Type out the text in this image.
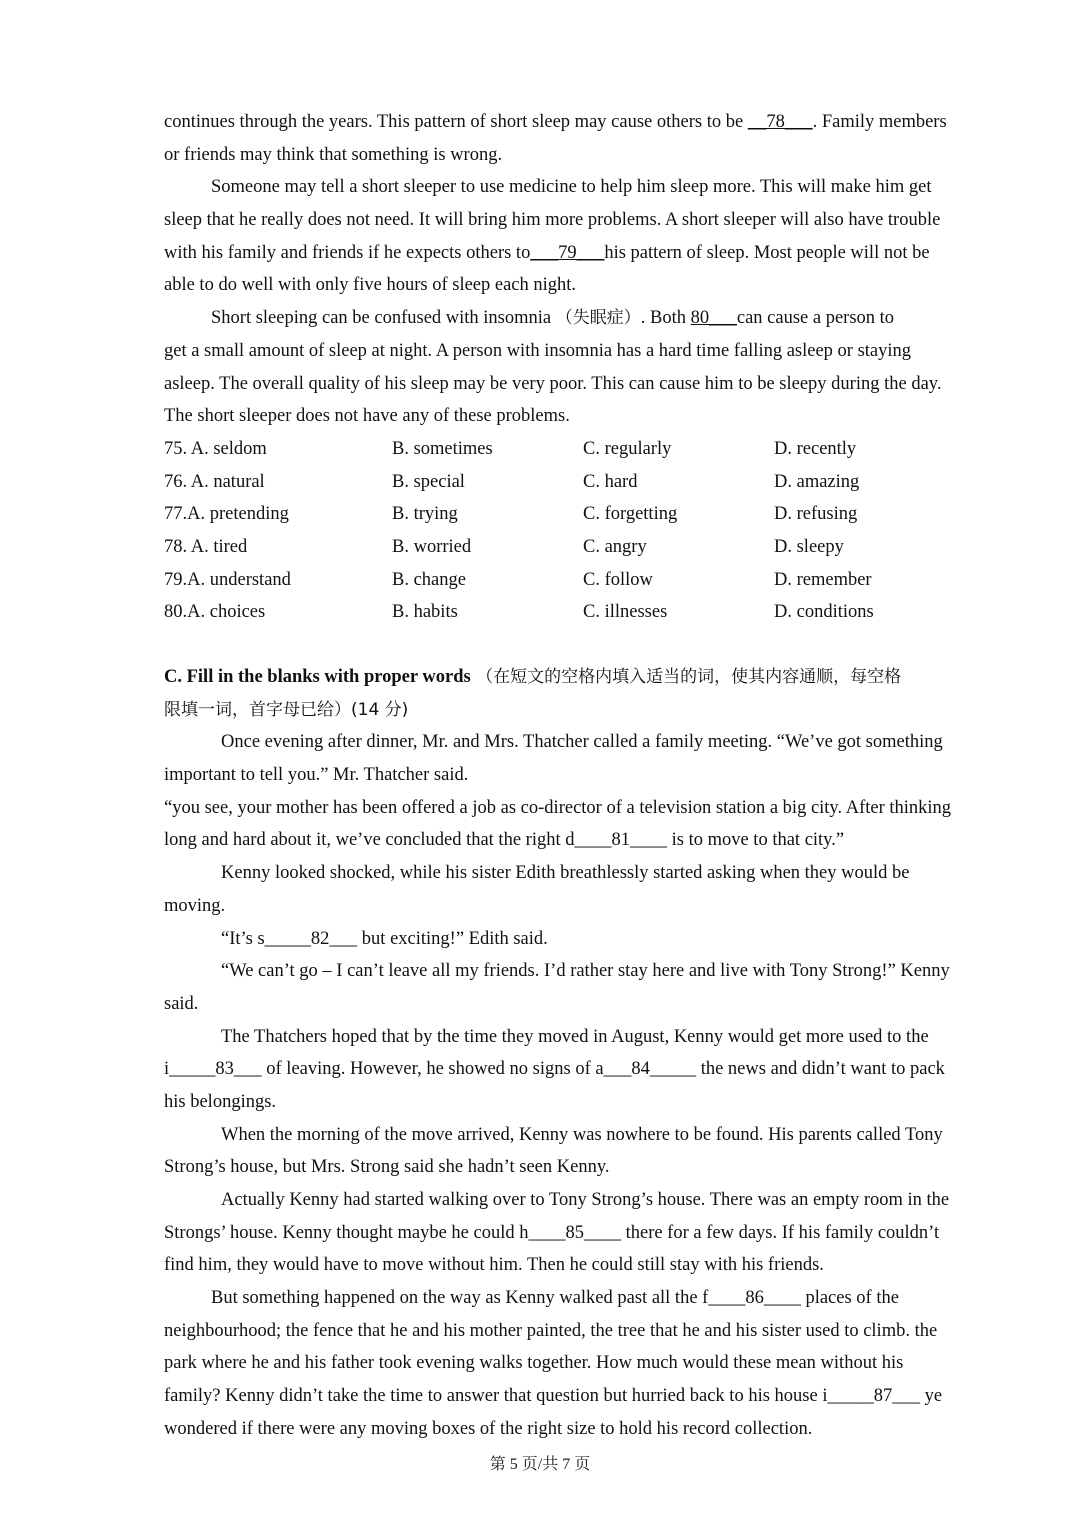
continues through the years. This pattern of short sleep may cause others to be __78___. Family members
or friends may think that something is wrong.
Someone may tell a short sleeper to use medicine to help him sleep more. This will make him get
sleep that he really does not need. It will bring him more problems. A short sleeper will also have trouble
with his family and friends if he expects others to___79___his pattern of sleep. Most people will not be
able to do well with only five hours of sleep each night.
Short sleeping can be confused with insomnia （失眠症）. Both 80___can cause a person to
get a small amount of sleep at night. A person with insomnia has a hard time falling asleep or staying
asleep. The overall quality of his sleep may be very poor. This can cause him to be sleepy during the day.
The short sleeper does not have any of these problems.
75. A. seldom	B. sometimes	C. regularly	D. recently
76. A. natural	B. special	C. hard	D. amazing
77.A. pretending	B. trying	C. forgetting	D. refusing
78. A. tired	B. worried	C. angry	D. sleepy
79.A. understand	B. change	C. follow	D. remember
80.A. choices	B. habits	C. illnesses	D. conditions
C. Fill in the blanks with proper words （在短文的空格内填入适当的词，使其内容通顺，每空格
限填一词，首字母已给）(14 分)
Once evening after dinner, Mr. and Mrs. Thatcher called a family meeting. “We’ve got something
important to tell you.” Mr. Thatcher said.
“you see, your mother has been offered a job as co-director of a television station a big city. After thinking
long and hard about it, we’ve concluded that the right d____81____ is to move to that city.”
Kenny looked shocked, while his sister Edith breathlessly started asking when they would be
moving.
“It’s s_____82___ but exciting!” Edith said.
“We can’t go – I can’t leave all my friends. I’d rather stay here and live with Tony Strong!” Kenny
said.
The Thatchers hoped that by the time they moved in August, Kenny would get more used to the
i_____83___ of leaving. However, he showed no signs of a___84_____ the news and didn’t want to pack
his belongings.
When the morning of the move arrived, Kenny was nowhere to be found. His parents called Tony
Strong’s house, but Mrs. Strong said she hadn’t seen Kenny.
Actually Kenny had started walking over to Tony Strong’s house. There was an empty room in the
Strongs’ house. Kenny thought maybe he could h____85____ there for a few days. If his family couldn’t
find him, they would have to move without him. Then he could still stay with his friends.
But something happened on the way as Kenny walked past all the f____86____ places of the
neighbourhood; the fence that he and his mother painted, the tree that he and his sister used to climb. the
park where he and his father took evening walks together. How much would these mean without his
family? Kenny didn’t take the time to answer that question but hurried back to his house i_____87___ ye
wondered if there were any moving boxes of the right size to hold his record collection.
第 5 页/共 7 页
